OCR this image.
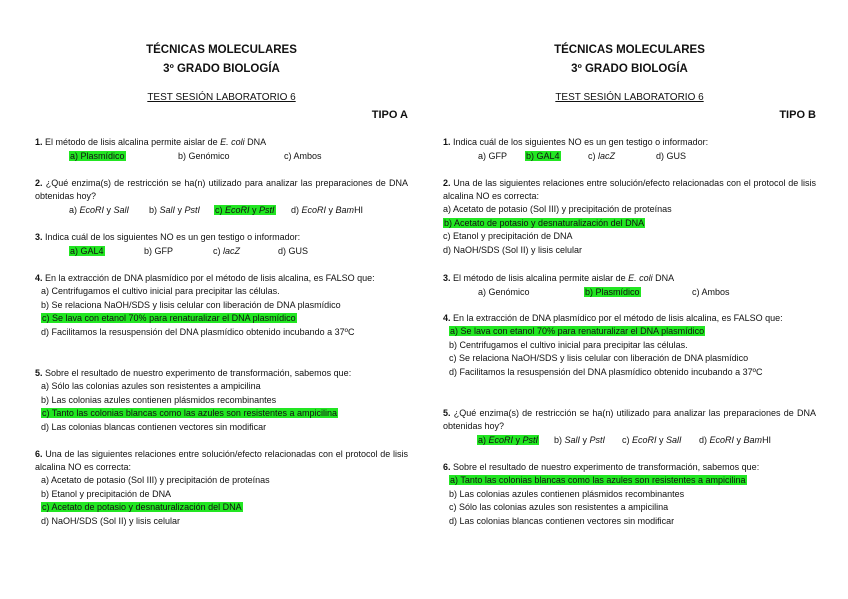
TÉCNICAS MOLECULARES
3º GRADO BIOLOGÍA
TEST SESIÓN LABORATORIO 6
TIPO A
1. El método de lisis alcalina permite aislar de E. coli DNA
a) Plasmídico	b) Genómico	c) Ambos
2. ¿Qué enzima(s) de restricción se ha(n) utilizado para analizar las preparaciones de DNA obtenidas hoy?
a) EcoRI y SalI b) SalI y PstI c) EcoRI y PstI d) EcoRI y BamHI
3. Indica cuál de los siguientes NO es un gen testigo o informador:
a) GAL4	b) GFP	c) lacZ	d) GUS
4. En la extracción de DNA plasmídico por el método de lisis alcalina, es FALSO que:
a) Centrifugamos el cultivo inicial para precipitar las células.
b) Se relaciona NaOH/SDS y lisis celular con liberación de DNA plasmídico
c) Se lava con etanol 70% para renaturalizar el DNA plasmídico
d) Facilitamos la resuspensión del DNA plasmídico obtenido incubando a 37ºC
5. Sobre el resultado de nuestro experimento de transformación, sabemos que:
a) Sólo las colonias azules son resistentes a ampicilina
b) Las colonias azules contienen plásmidos recombinantes
c) Tanto las colonias blancas como las azules son resistentes a ampicilina
d) Las colonias blancas contienen vectores sin modificar
6. Una de las siguientes relaciones entre solución/efecto relacionadas con el protocol de lisis alcalina NO es correcta:
a) Acetato de potasio (Sol III) y precipitación de proteínas
b) Etanol y precipitación de DNA
c) Acetato de potasio y desnaturalización del DNA
d) NaOH/SDS (Sol II) y lisis celular
TÉCNICAS MOLECULARES
3º GRADO BIOLOGÍA
TEST SESIÓN LABORATORIO 6
TIPO B
1. Indica cuál de los siguientes NO es un gen testigo o informador:
a) GFP b) GAL4	c) lacZ	d) GUS
2. Una de las siguientes relaciones entre solución/efecto relacionadas con el protocol de lisis alcalina NO es correcta:
a) Acetato de potasio (Sol III) y precipitación de proteínas
b) Acetato de potasio y desnaturalización del DNA
c) Etanol y precipitación de DNA
d) NaOH/SDS (Sol II) y lisis celular
3. El método de lisis alcalina permite aislar de E. coli DNA
a) Genómico	b) Plasmídico	c) Ambos
4. En la extracción de DNA plasmídico por el método de lisis alcalina, es FALSO que:
a) Se lava con etanol 70% para renaturalizar el DNA plasmídico
b) Centrifugamos el cultivo inicial para precipitar las células.
c) Se relaciona NaOH/SDS y lisis celular con liberación de DNA plasmídico
d) Facilitamos la resuspensión del DNA plasmídico obtenido incubando a 37ºC
5. ¿Qué enzima(s) de restricción se ha(n) utilizado para analizar las preparaciones de DNA obtenidas hoy?
a) EcoRI y PstI b) SalI y PstI c) EcoRI y SalI d) EcoRI y BamHI
6. Sobre el resultado de nuestro experimento de transformación, sabemos que:
a) Tanto las colonias blancas como las azules son resistentes a ampicilina
b) Las colonias azules contienen plásmidos recombinantes
c) Sólo las colonias azules son resistentes a ampicilina
d) Las colonias blancas contienen vectores sin modificar
